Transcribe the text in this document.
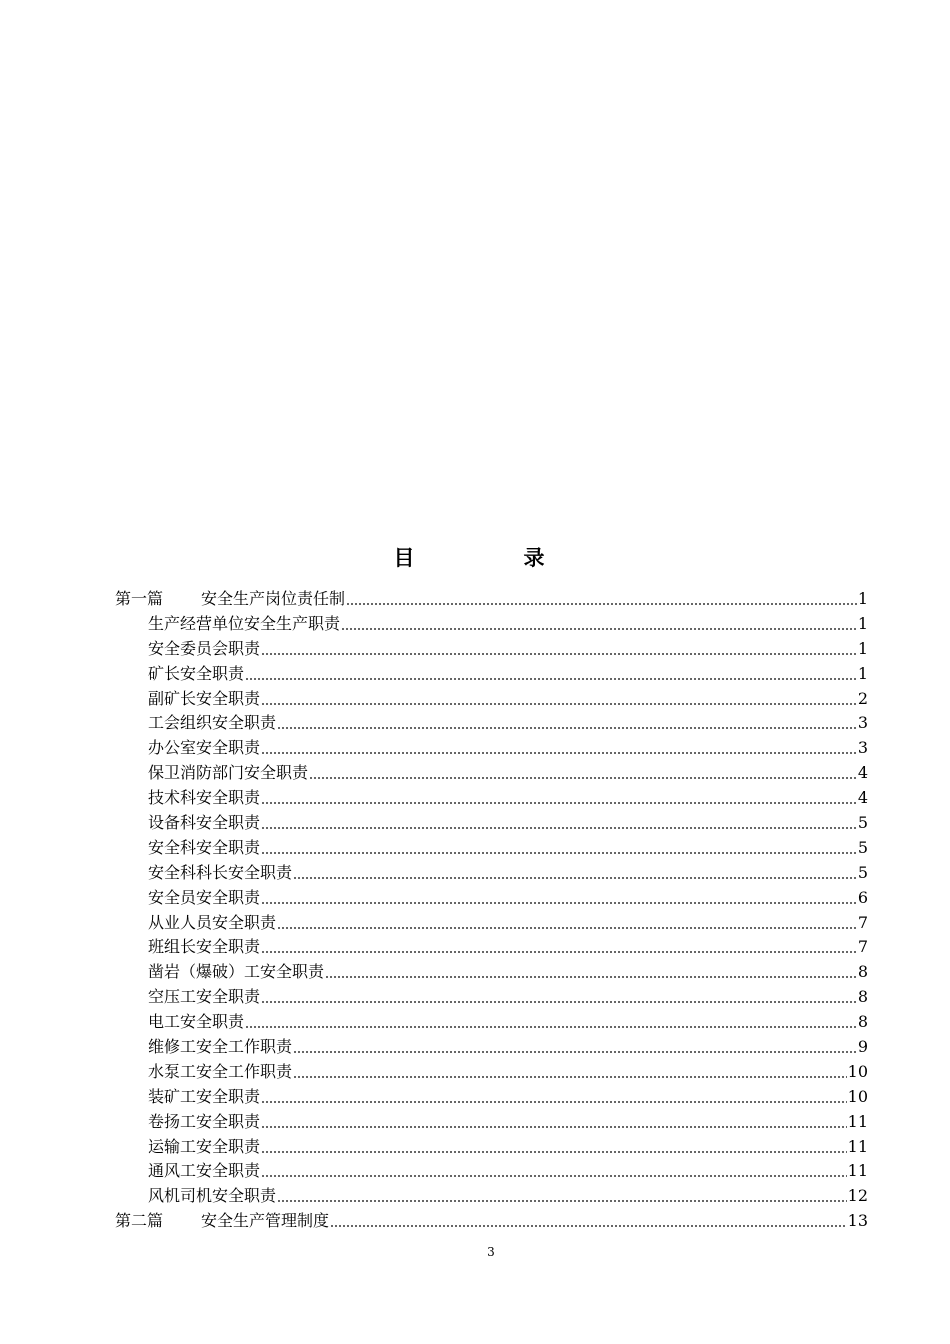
目　录
第一篇 安全生产岗位责任制	1
生产经营单位安全生产职责	1
安全委员会职责	1
矿长安全职责	1
副矿长安全职责	2
工会组织安全职责	3
办公室安全职责	3
保卫消防部门安全职责	4
技术科安全职责	4
设备科安全职责	5
安全科安全职责	5
安全科科长安全职责	5
安全员安全职责	6
从业人员安全职责	7
班组长安全职责	7
凿岩（爆破）工安全职责	8
空压工安全职责	8
电工安全职责	8
维修工安全工作职责	9
水泵工安全工作职责	10
装矿工安全职责	10
卷扬工安全职责	11
运输工安全职责	11
通风工安全职责	11
风机司机安全职责	12
第二篇 安全生产管理制度	13
3
